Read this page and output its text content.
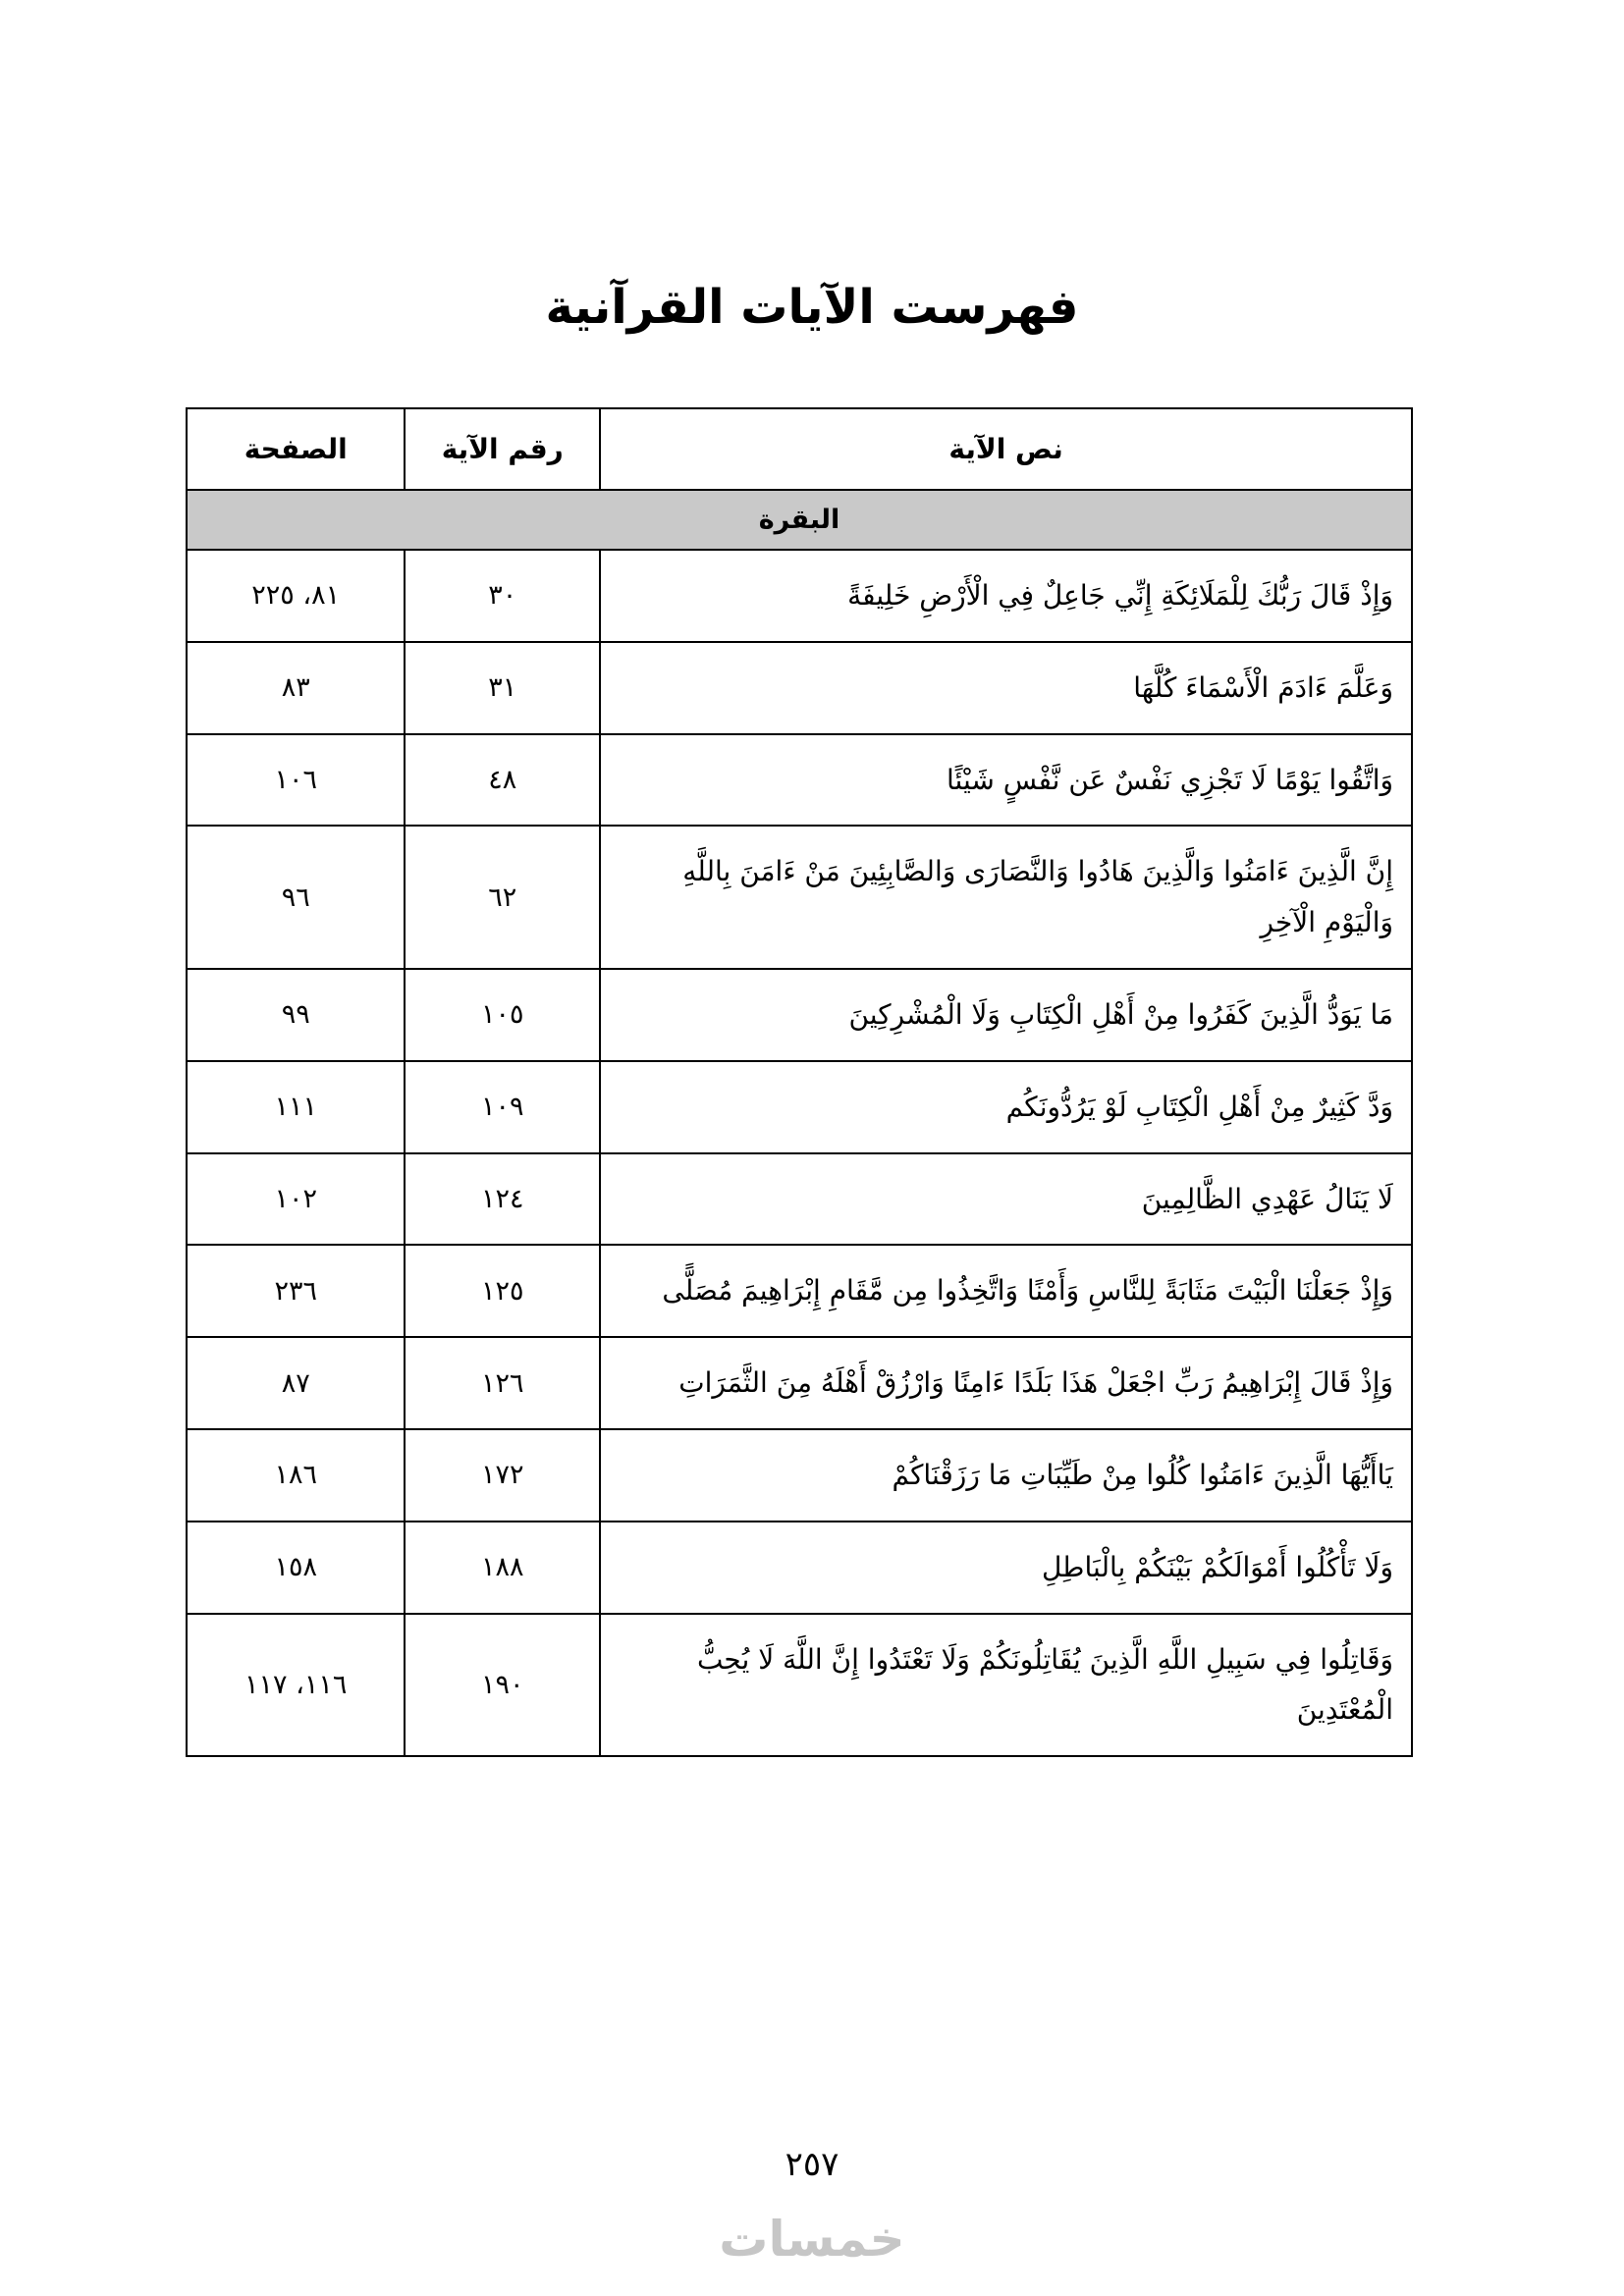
فهرست الآيات القرآنية
نص الآية	رقم الآية	الصفحة
البقرة		
وَإِذْ قَالَ رَبُّكَ لِلْمَلَائِكَةِ إِنِّي جَاعِلٌ فِي الْأَرْضِ خَلِيفَةً	٣٠	٨١، ٢٢٥
وَعَلَّمَ ءَادَمَ الْأَسْمَاءَ كُلَّهَا	٣١	٨٣
وَاتَّقُوا يَوْمًا لَا تَجْزِي نَفْسٌ عَن نَّفْسٍ شَيْئًا	٤٨	١٠٦
إِنَّ الَّذِينَ ءَامَنُوا وَالَّذِينَ هَادُوا وَالنَّصَارَى وَالصَّابِئِينَ مَنْ ءَامَنَ بِاللَّهِ وَالْيَوْمِ الْآخِرِ	٦٢	٩٦
مَا يَوَدُّ الَّذِينَ كَفَرُوا مِنْ أَهْلِ الْكِتَابِ وَلَا الْمُشْرِكِينَ	١٠٥	٩٩
وَدَّ كَثِيرٌ مِنْ أَهْلِ الْكِتَابِ لَوْ يَرُدُّونَكُم	١٠٩	١١١
لَا يَنَالُ عَهْدِي الظَّالِمِينَ	١٢٤	١٠٢
وَإِذْ جَعَلْنَا الْبَيْتَ مَثَابَةً لِلنَّاسِ وَأَمْنًا وَاتَّخِذُوا مِن مَّقَامِ إِبْرَاهِيمَ مُصَلًّى	١٢٥	٢٣٦
وَإِذْ قَالَ إِبْرَاهِيمُ رَبِّ اجْعَلْ هَذَا بَلَدًا ءَامِنًا وَارْزُقْ أَهْلَهُ مِنَ الثَّمَرَاتِ	١٢٦	٨٧
يَاأَيُّهَا الَّذِينَ ءَامَنُوا كُلُوا مِنْ طَيِّبَاتِ مَا رَزَقْنَاكُمْ	١٧٢	١٨٦
وَلَا تَأْكُلُوا أَمْوَالَكُمْ بَيْنَكُمْ بِالْبَاطِلِ	١٨٨	١٥٨
وَقَاتِلُوا فِي سَبِيلِ اللَّهِ الَّذِينَ يُقَاتِلُونَكُمْ وَلَا تَعْتَدُوا إِنَّ اللَّهَ لَا يُحِبُّ الْمُعْتَدِينَ	١٩٠	١١٦، ١١٧
٢٥٧
خمسات
